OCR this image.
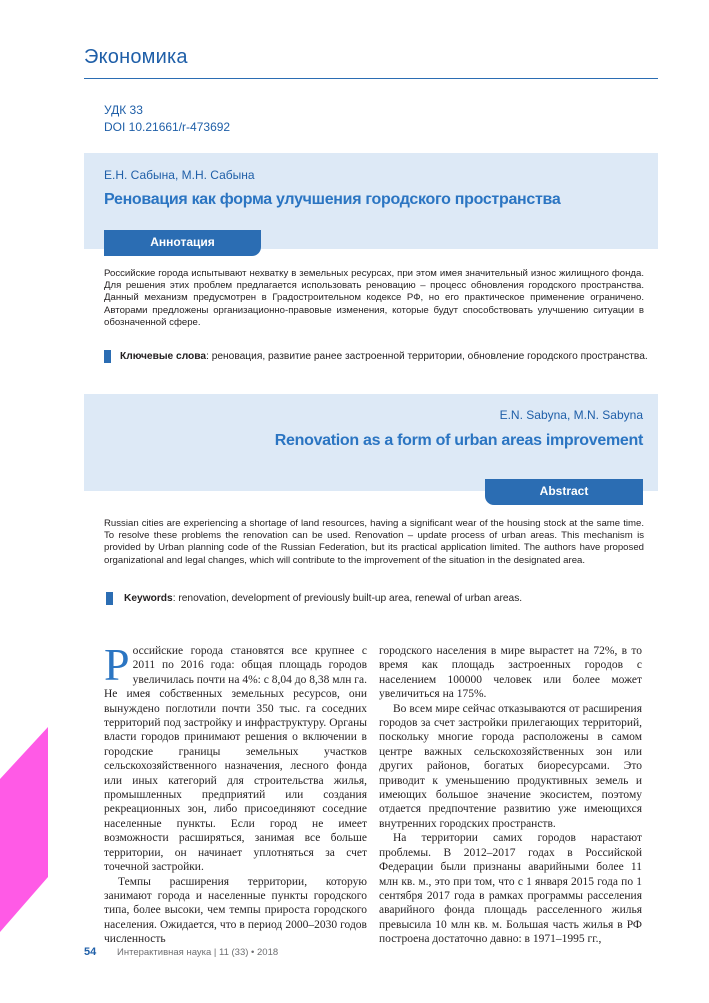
Экономика
УДК 33
DOI 10.21661/r-473692
Е.Н. Сабына, М.Н. Сабына
Реновация как форма улучшения городского пространства
Аннотация
Российские города испытывают нехватку в земельных ресурсах, при этом имея значительный износ жилищного фонда. Для решения этих проблем предлагается использовать реновацию – процесс обновления городского пространства. Данный механизм предусмотрен в Градостроительном кодексе РФ, но его практическое применение ограничено. Авторами предложены организационно-правовые изменения, которые будут способствовать улучшению ситуации в обозначенной сфере.
Ключевые слова: реновация, развитие ранее застроенной территории, обновление городского пространства.
E.N. Sabyna, M.N. Sabyna
Renovation as a form of urban areas improvement
Abstract
Russian cities are experiencing a shortage of land resources, having a significant wear of the housing stock at the same time. To resolve these problems the renovation can be used. Renovation – update process of urban areas. This mechanism is provided by Urban planning code of the Russian Federation, but its practical application limited. The authors have proposed organizational and legal changes, which will contribute to the improvement of the situation in the designated area.
Keywords: renovation, development of previously built-up area, renewal of urban areas.

Российские города становятся все крупнее с 2011 по 2016 года: общая площадь городов увеличилась почти на 4%: с 8,04 до 8,38 млн га. Не имея собственных земельных ресурсов, они вынуждено поглотили почти 350 тыс. га соседних территорий под застройку и инфраструктуру. Органы власти городов принимают решения о включении в городские границы земельных участков сельскохозяйственного назначения, лесного фонда или иных категорий для строительства жилья, промышленных предприятий или создания рекреационных зон, либо присоединяют соседние населенные пункты. Если город не имеет возможности расширяться, занимая все больше территории, он начинает уплотняться за счет точечной застройки.

Темпы расширения территории, которую занимают города и населенные пункты городского типа, более высоки, чем темпы прироста городского населения. Ожидается, что в период 2000–2030 годов численность

городского населения в мире вырастет на 72%, в то время как площадь застроенных городов с населением 100000 человек или более может увеличиться на 175%.

Во всем мире сейчас отказываются от расширения городов за счет застройки прилегающих территорий, поскольку многие города расположены в самом центре важных сельскохозяйственных зон или других районов, богатых биоресурсами. Это приводит к уменьшению продуктивных земель и имеющих большое значение экосистем, поэтому отдается предпочтение развитию уже имеющихся внутренних городских пространств.

На территории самих городов нарастают проблемы. В 2012–2017 годах в Российской Федерации были признаны аварийными более 11 млн кв. м., это при том, что с 1 января 2015 года по 1 сентября 2017 года в рамках программы расселения аварийного фонда площадь расселенного жилья превысила 10 млн кв. м. Большая часть жилья в РФ построена достаточно давно: в 1971–1995 гг.,

54 Интерактивная наука | 11 (33) • 2018
